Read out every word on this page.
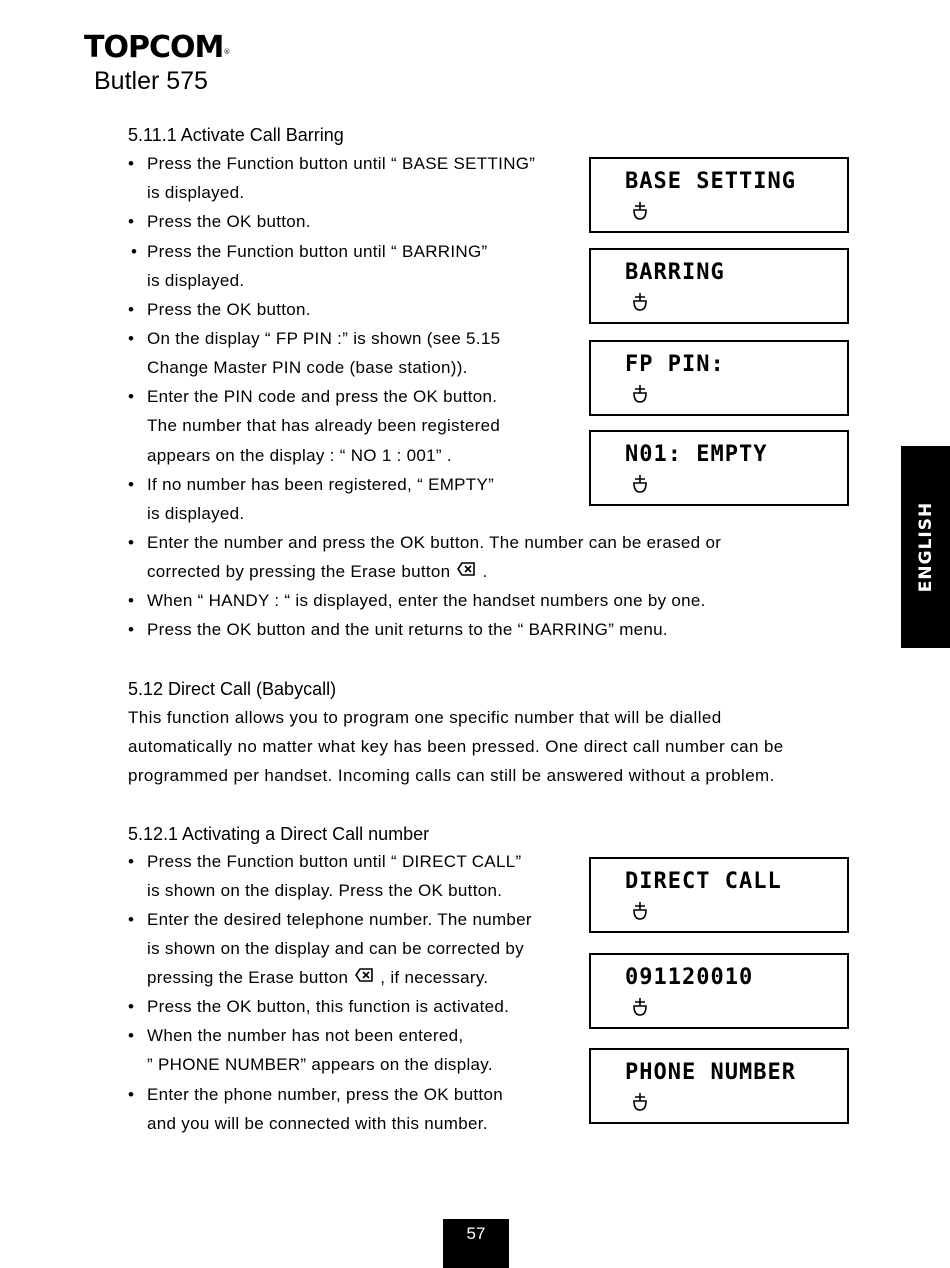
TOPCOM®
Butler 575
5.11.1 Activate Call Barring
• Press the Function button until “ BASE SETTING”
is displayed.
• Press the OK button.
• Press the Function button until “ BARRING”
is displayed.
• Press the OK button.
• On the display “ FP PIN :” is shown (see 5.15
Change Master PIN code (base station)).
• Enter the PIN code and press the OK button.
The number that has already been registered
appears on the display : “ NO 1 : 001” .
• If no number has been registered, “ EMPTY”
is displayed.
• Enter the number and press the OK button. The number can be erased or
corrected by pressing the Erase button .
• When “ HANDY : “ is displayed, enter the handset numbers one by one.
• Press the OK button and the unit returns to the “ BARRING” menu.
BASE SETTING
BARRING
FP PIN:
N01: EMPTY
5.12 Direct Call (Babycall)
This function allows you to program one specific number that will be dialled
automatically no matter what key has been pressed. One direct call number can be
programmed per handset. Incoming calls can still be answered without a problem.
5.12.1 Activating a Direct Call number
• Press the Function button until “ DIRECT CALL”
is shown on the display. Press the OK button.
• Enter the desired telephone number. The number
is shown on the display and can be corrected by
pressing the Erase button , if necessary.
• Press the OK button, this function is activated.
• When the number has not been entered,
” PHONE NUMBER” appears on the display.
• Enter the phone number, press the OK button
and you will be connected with this number.
DIRECT CALL
091120010
PHONE NUMBER
ENGLISH
57
